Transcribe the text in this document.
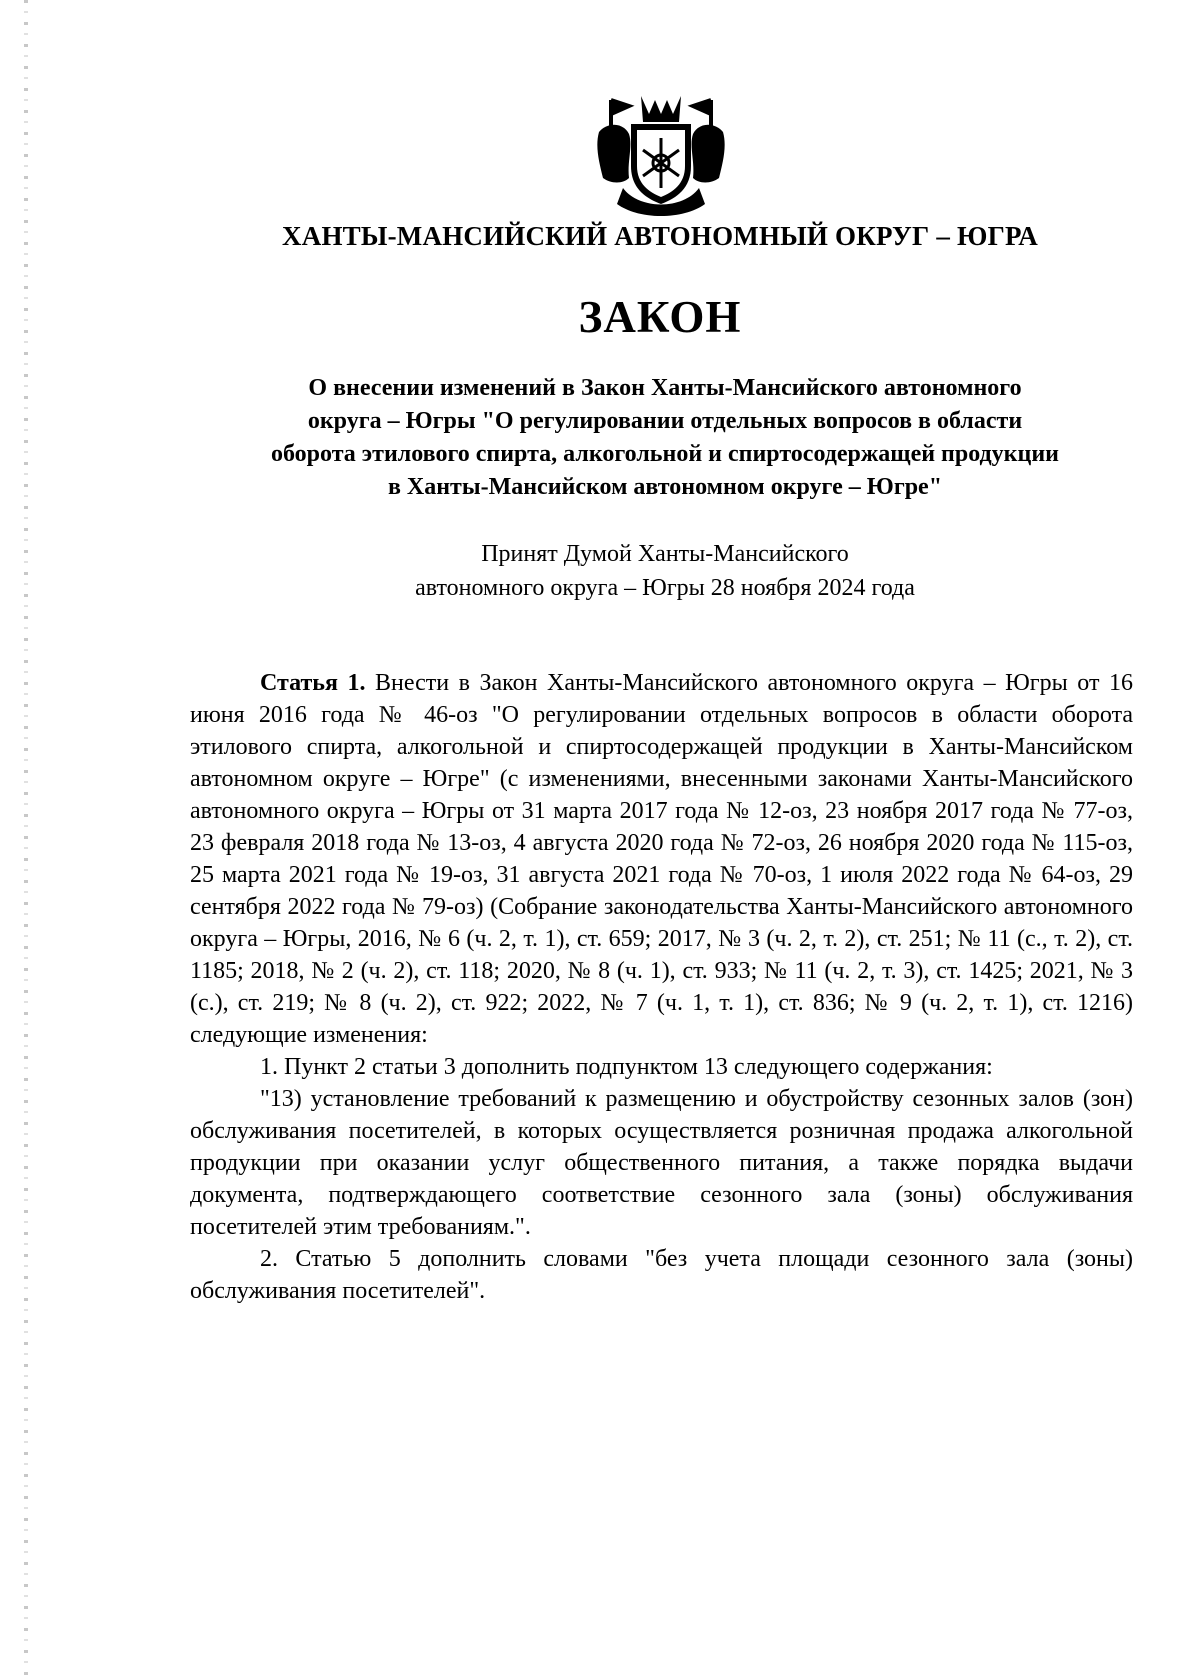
ХАНТЫ-МАНСИЙСКИЙ АВТОНОМНЫЙ ОКРУГ – ЮГРА
ЗАКОН
О внесении изменений в Закон Ханты-Мансийского автономного
округа – Югры "О регулировании отдельных вопросов в области
оборота этилового спирта, алкогольной и спиртосодержащей продукции
в Ханты-Мансийском автономном округе – Югре"
Принят Думой Ханты-Мансийского
автономного округа – Югры 28 ноября 2024 года

Статья 1. Внести в Закон Ханты-Мансийского автономного округа – Югры от 16 июня 2016 года № 46-оз "О регулировании отдельных вопросов в области оборота этилового спирта, алкогольной и спиртосодержащей продукции в Ханты-Мансийском автономном округе – Югре" (с изменениями, внесенными законами Ханты-Мансийского автономного округа – Югры от 31 марта 2017 года № 12-оз, 23 ноября 2017 года № 77-оз, 23 февраля 2018 года № 13-оз, 4 августа 2020 года № 72-оз, 26 ноября 2020 года № 115-оз, 25 марта 2021 года № 19-оз, 31 августа 2021 года № 70-оз, 1 июля 2022 года № 64-оз, 29 сентября 2022 года № 79-оз) (Собрание законодательства Ханты-Мансийского автономного округа – Югры, 2016, № 6 (ч. 2, т. 1), ст. 659; 2017, № 3 (ч. 2, т. 2), ст. 251; № 11 (с., т. 2), ст. 1185; 2018, № 2 (ч. 2), ст. 118; 2020, № 8 (ч. 1), ст. 933; № 11 (ч. 2, т. 3), ст. 1425; 2021, № 3 (с.), ст. 219; № 8 (ч. 2), ст. 922; 2022, № 7 (ч. 1, т. 1), ст. 836; № 9 (ч. 2, т. 1), ст. 1216) следующие изменения:

1. Пункт 2 статьи 3 дополнить подпунктом 13 следующего содержания:

"13) установление требований к размещению и обустройству сезонных залов (зон) обслуживания посетителей, в которых осуществляется розничная продажа алкогольной продукции при оказании услуг общественного питания, а также порядка выдачи документа, подтверждающего соответствие сезонного зала (зоны) обслуживания посетителей этим требованиям.".

2. Статью 5 дополнить словами "без учета площади сезонного зала (зоны) обслуживания посетителей".
